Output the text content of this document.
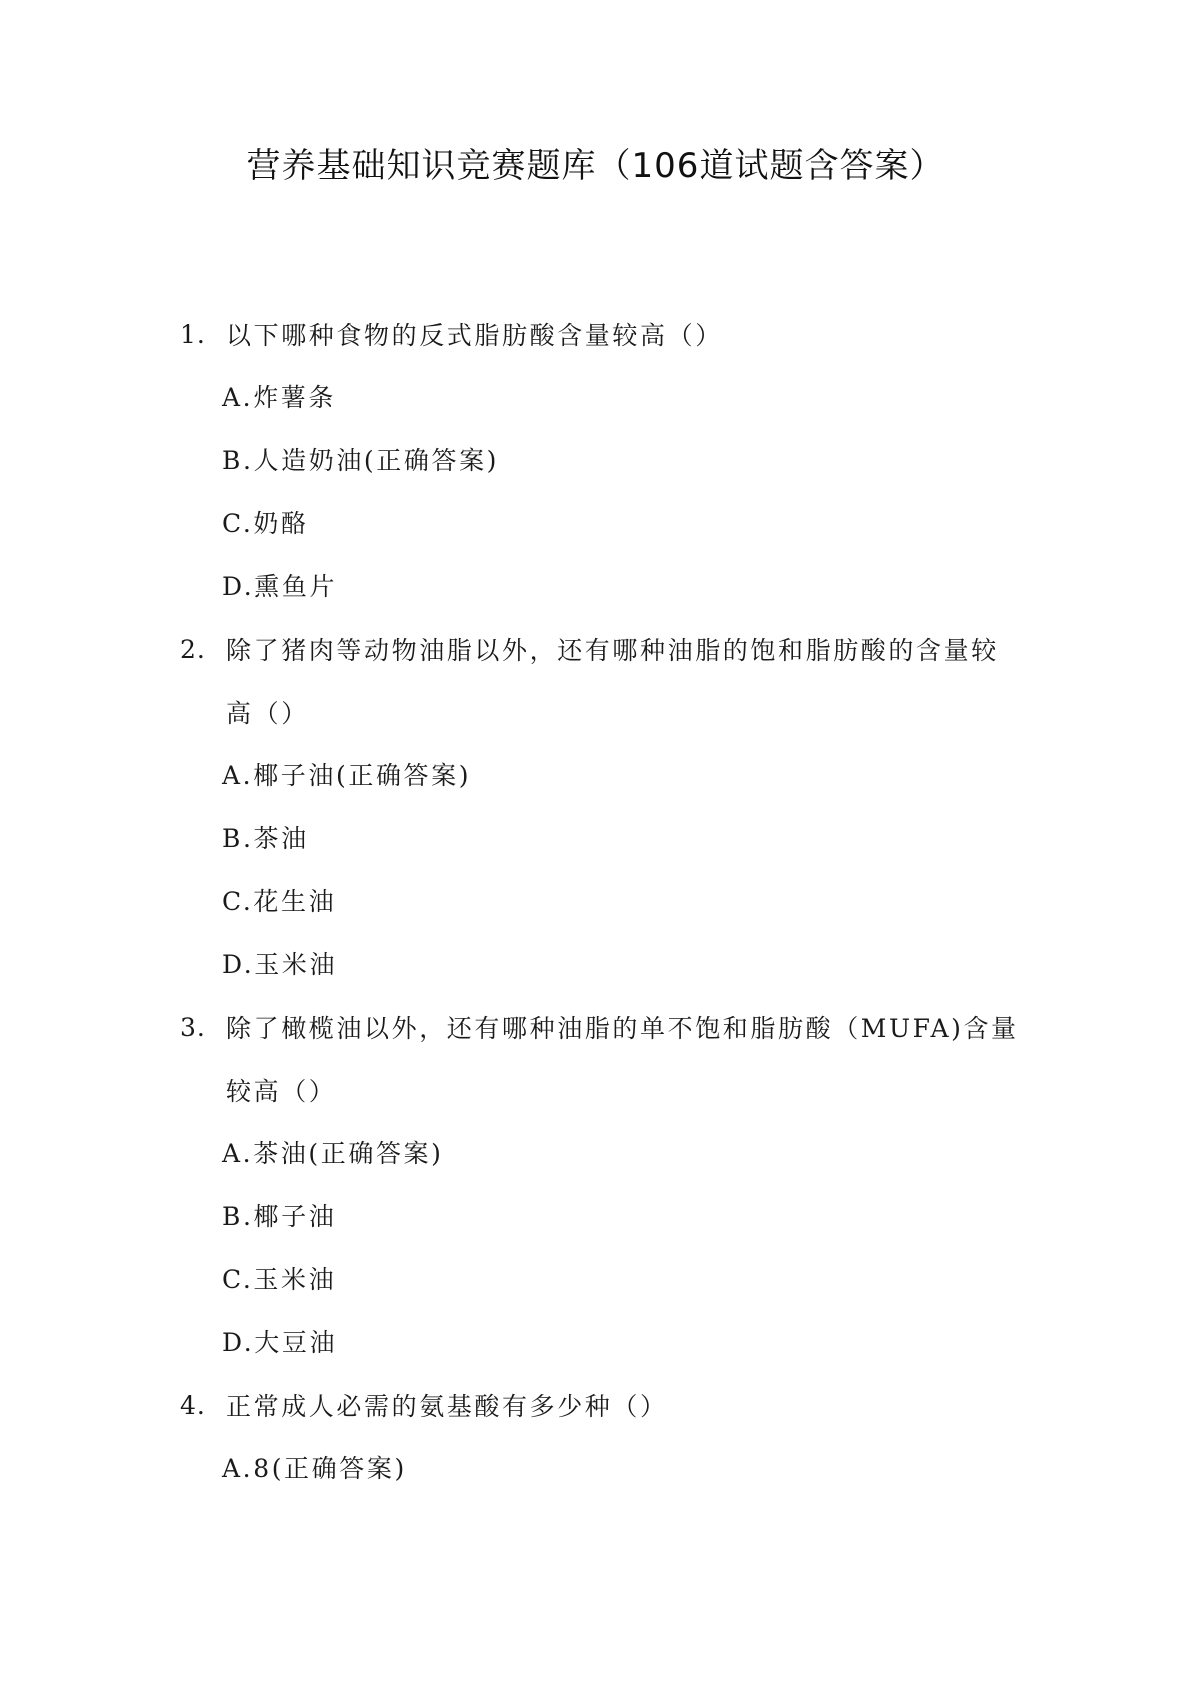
营养基础知识竞赛题库（106道试题含答案）
1. 以下哪种食物的反式脂肪酸含量较高（）
A.炸薯条
B.人造奶油(正确答案)
C.奶酪
D.熏鱼片
2. 除了猪肉等动物油脂以外，还有哪种油脂的饱和脂肪酸的含量较高（）
A.椰子油(正确答案)
B.茶油
C.花生油
D.玉米油
3. 除了橄榄油以外，还有哪种油脂的单不饱和脂肪酸（MUFA)含量较高（）
A.茶油(正确答案)
B.椰子油
C.玉米油
D.大豆油
4. 正常成人必需的氨基酸有多少种（）
A.8(正确答案)
